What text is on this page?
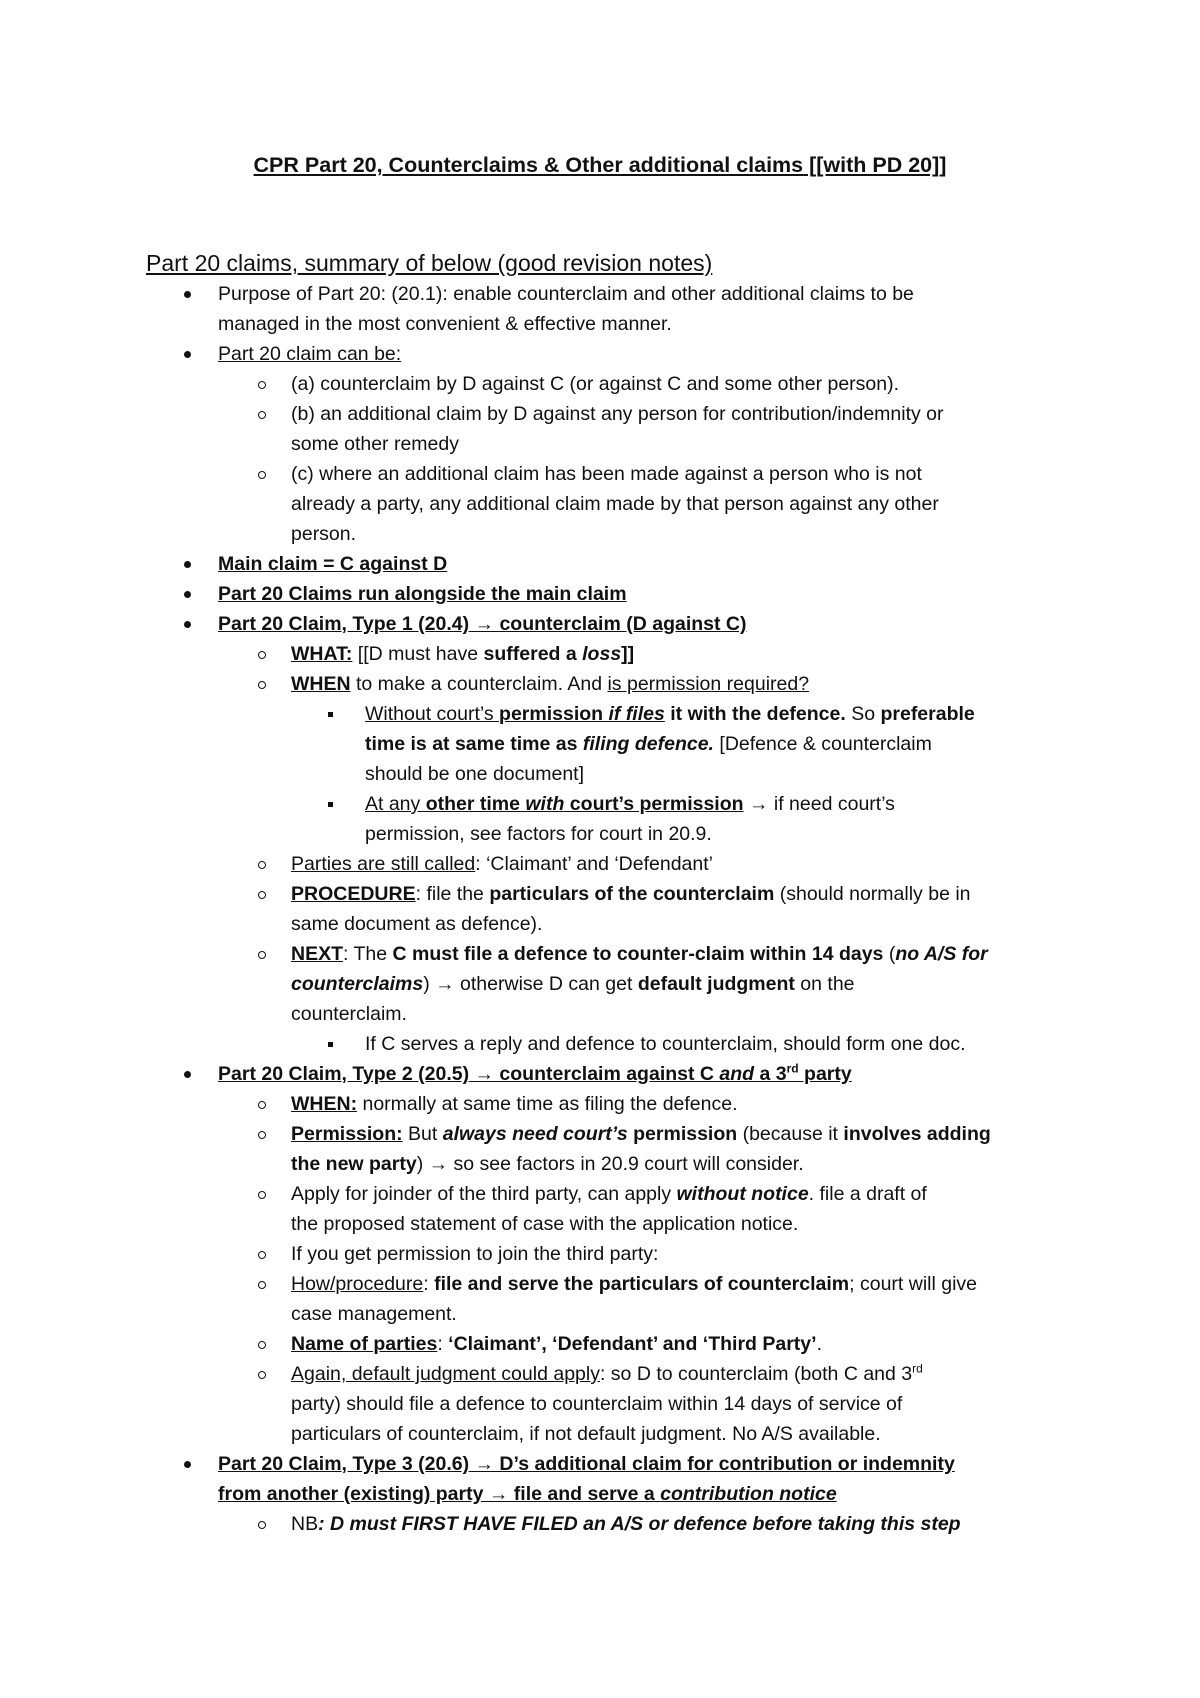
CPR Part 20, Counterclaims & Other additional claims [[with PD 20]]
Part 20 claims, summary of below (good revision notes)
Purpose of Part 20: (20.1): enable counterclaim and other additional claims to be
managed in the most convenient & effective manner.
Part 20 claim can be:
(a) counterclaim by D against C (or against C and some other person).
(b) an additional claim by D against any person for contribution/indemnity or
some other remedy
(c) where an additional claim has been made against a person who is not
already a party, any additional claim made by that person against any other
person.
Main claim = C against D
Part 20 Claims run alongside the main claim
Part 20 Claim, Type 1 (20.4) → counterclaim (D against C)
WHAT: [[D must have suffered a loss]]
WHEN to make a counterclaim. And is permission required?
Without court’s permission if files it with the defence. So preferable
time is at same time as filing defence. [Defence & counterclaim
should be one document]
At any other time with court’s permission → if need court’s
permission, see factors for court in 20.9.
Parties are still called: ‘Claimant’ and ‘Defendant’
PROCEDURE: file the particulars of the counterclaim (should normally be in
same document as defence).
NEXT: The C must file a defence to counter-claim within 14 days (no A/S for
counterclaims) → otherwise D can get default judgment on the
counterclaim.
If C serves a reply and defence to counterclaim, should form one doc.
Part 20 Claim, Type 2 (20.5) → counterclaim against C and a 3rd party
WHEN: normally at same time as filing the defence.
Permission: But always need court’s permission (because it involves adding
the new party) → so see factors in 20.9 court will consider.
Apply for joinder of the third party, can apply without notice. file a draft of
the proposed statement of case with the application notice.
If you get permission to join the third party:
How/procedure: file and serve the particulars of counterclaim; court will give
case management.
Name of parties: ‘Claimant’, ‘Defendant’ and ‘Third Party’.
Again, default judgment could apply: so D to counterclaim (both C and 3rd
party) should file a defence to counterclaim within 14 days of service of
particulars of counterclaim, if not default judgment. No A/S available.
Part 20 Claim, Type 3 (20.6) → D’s additional claim for contribution or indemnity
from another (existing) party → file and serve a contribution notice
NB: D must FIRST HAVE FILED an A/S or defence before taking this step
